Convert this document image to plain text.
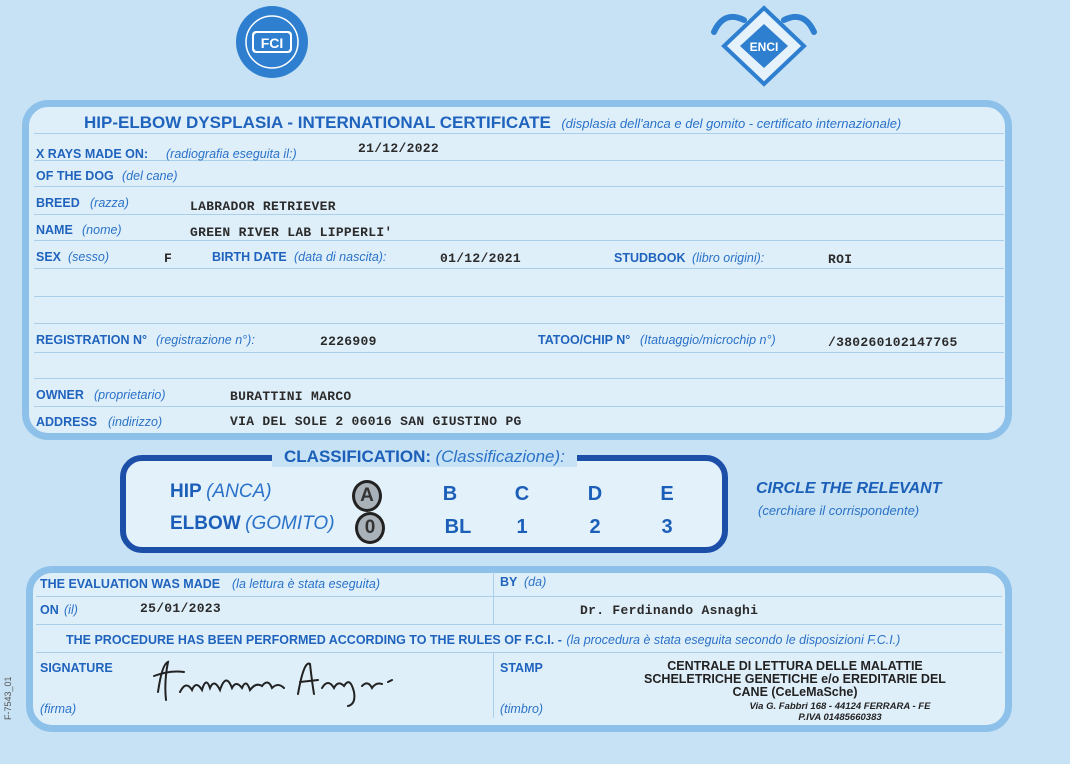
FCI	ENCI
HIP-ELBOW DYSPLASIA - INTERNATIONAL CERTIFICATE (displasia dell'anca e del gomito - certificato internazionale)
X RAYS MADE ON: (radiografia eseguita il:)	21/12/2022
OF THE DOG (del cane)
BREED (razza)	LABRADOR RETRIEVER
NAME (nome)	GREEN RIVER LAB LIPPERLI'
SEX (sesso)	F	BIRTH DATE (data di nascita):	01/12/2021	STUDBOOK (libro origini):	ROI
REGISTRATION N° (registrazione n°):	2226909	TATOO/CHIP N° (Itatuaggio/microchip n°)	/380260102147765
OWNER (proprietario)	BURATTINI MARCO
ADDRESS (indirizzo)	VIA DEL SOLE 2 06016 SAN GIUSTINO PG
CLASSIFICATION: (Classificazione):
HIP (ANCA)
ELBOW (GOMITO)
A	B	C	D	E
0	BL	1	2	3
CIRCLE THE RELEVANT
(cerchiare il corrispondente)
THE EVALUATION WAS MADE (la lettura è stata eseguita)	BY (da)
ON (il)	25/01/2023	Dr. Ferdinando Asnaghi
THE PROCEDURE HAS BEEN PERFORMED ACCORDING TO THE RULES OF F.C.I. - (la procedura è stata eseguita secondo le disposizioni F.C.I.)
SIGNATURE
(firma)
STAMP
(timbro)
CENTRALE DI LETTURA DELLE MALATTIE
SCHELETRICHE GENETICHE e/o EREDITARIE DEL
CANE (CeLeMaSche)
Via G. Fabbri 168 - 44124 FERRARA - FE
P.IVA 01485660383
F-7543_01
